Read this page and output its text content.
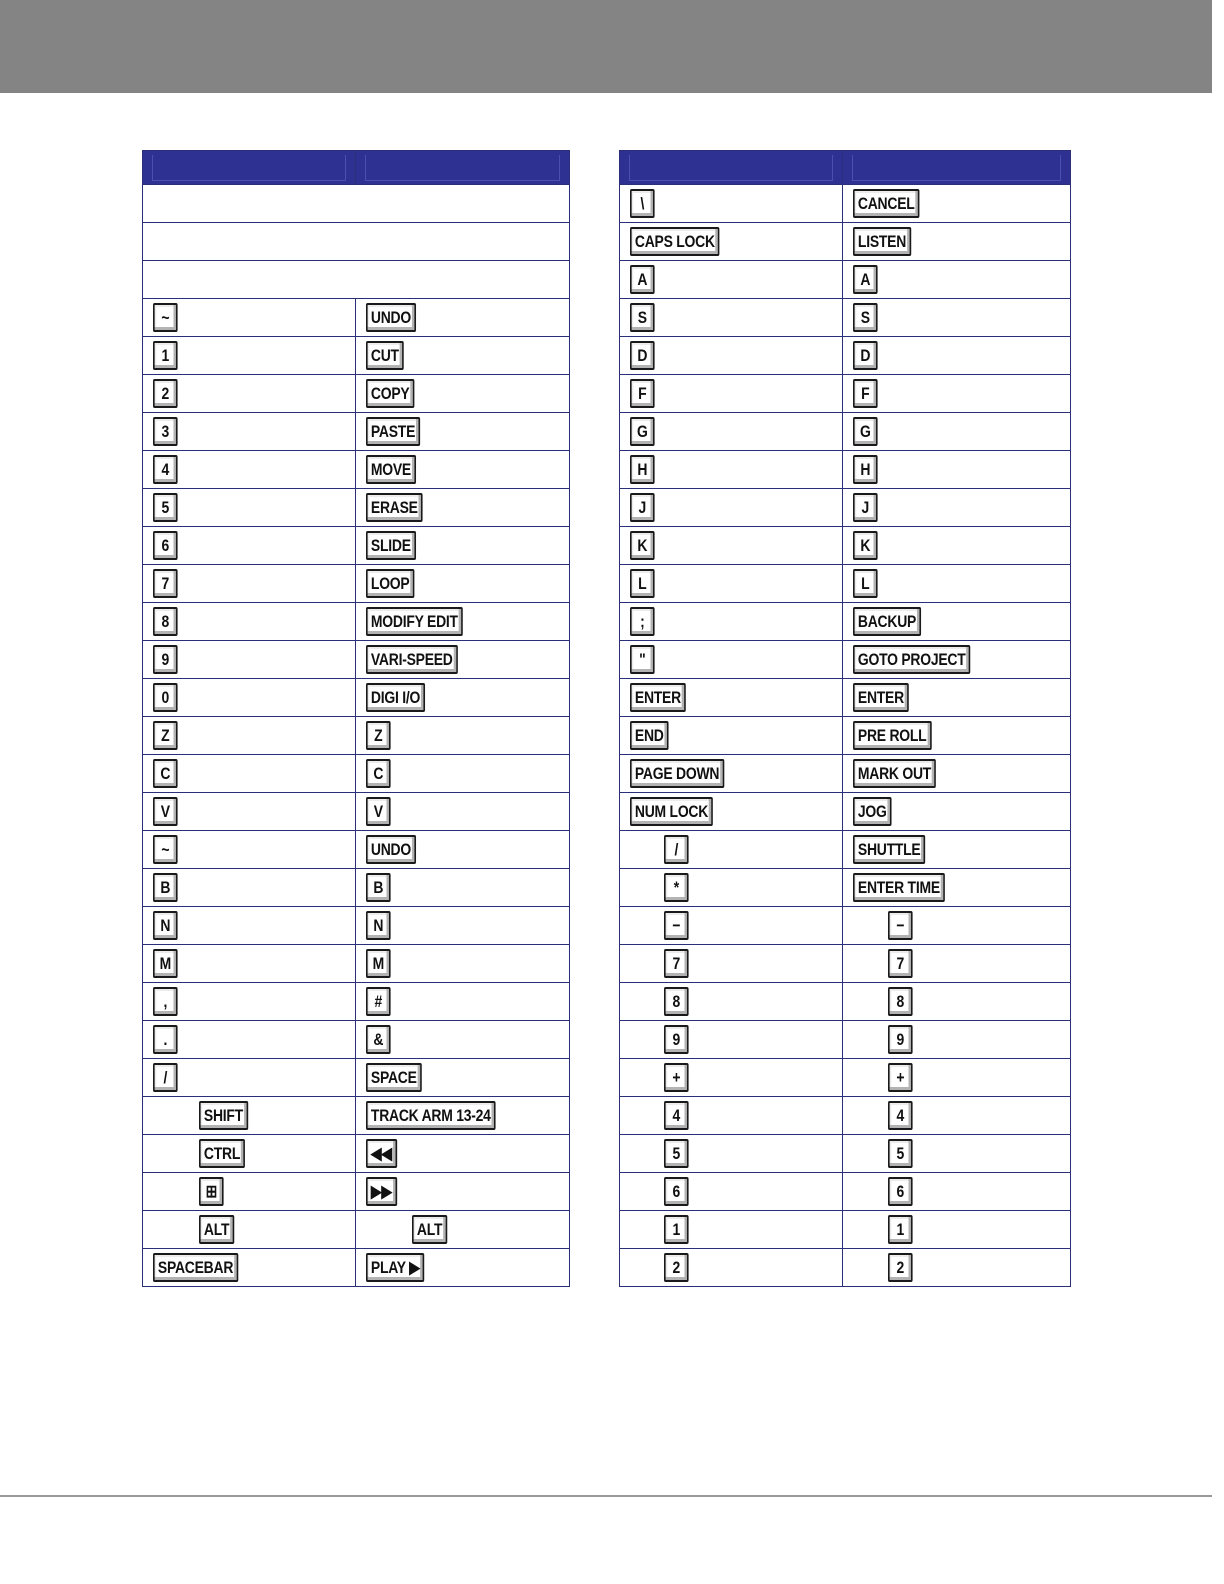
~	UNDO
1	CUT
2	COPY
3	PASTE
4	MOVE
5	ERASE
6	SLIDE
7	LOOP
8	MODIFY EDIT
9	VARI-SPEED
0	DIGI I/O
Z	Z
C	C
V	V
~	UNDO
B	B
N	N
M	M
,	#
.	&
/	SPACE
SHIFT	TRACK ARM 13-24
CTRL	◀◀
⊞	▶▶
ALT	ALT
SPACEBAR	PLAY ▶

\	CANCEL
CAPS LOCK	LISTEN
A	A
S	S
D	D
F	F
G	G
H	H
J	J
K	K
L	L
;	BACKUP
"	GOTO PROJECT
ENTER	ENTER
END	PRE ROLL
PAGE DOWN	MARK OUT
NUM LOCK	JOG
/	SHUTTLE
*	ENTER TIME
−	−
7	7
8	8
9	9
+	+
4	4
5	5
6	6
1	1
2	2
